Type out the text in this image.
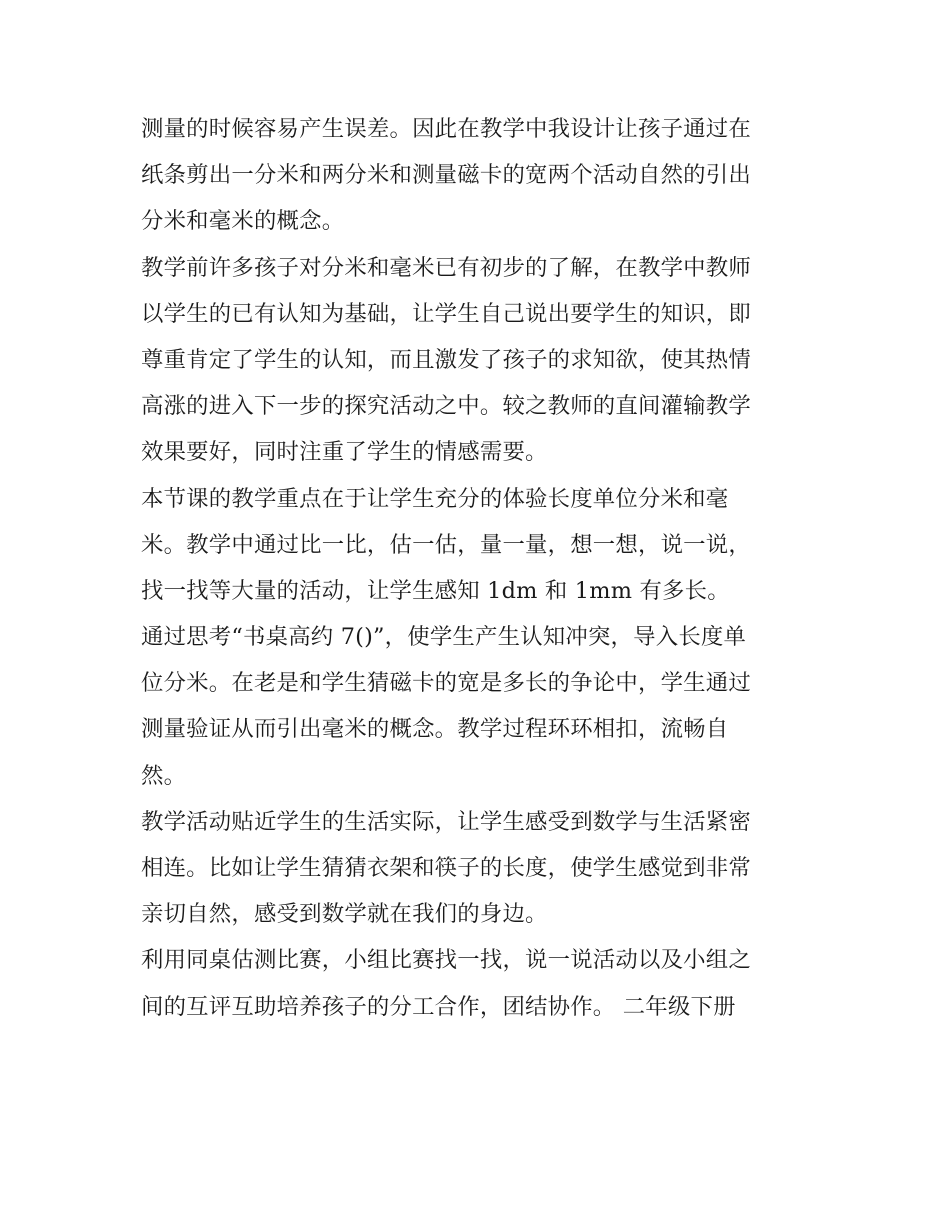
测量的时候容易产生误差。因此在教学中我设计让孩子通过在
纸条剪出一分米和两分米和测量磁卡的宽两个活动自然的引出
分米和毫米的概念。

教学前许多孩子对分米和毫米已有初步的了解，在教学中教师
以学生的已有认知为基础，让学生自己说出要学生的知识，即
尊重肯定了学生的认知，而且激发了孩子的求知欲，使其热情
高涨的进入下一步的探究活动之中。较之教师的直间灌输教学
效果要好，同时注重了学生的情感需要。

本节课的教学重点在于让学生充分的体验长度单位分米和毫
米。教学中通过比一比，估一估，量一量，想一想，说一说，
找一找等大量的活动，让学生感知 1dm 和 1mm 有多长。

通过思考“书桌高约 7()”，使学生产生认知冲突，导入长度单
位分米。在老是和学生猜磁卡的宽是多长的争论中，学生通过
测量验证从而引出毫米的概念。教学过程环环相扣，流畅自
然。

教学活动贴近学生的生活实际，让学生感受到数学与生活紧密
相连。比如让学生猜猜衣架和筷子的长度，使学生感觉到非常
亲切自然，感受到数学就在我们的身边。

利用同桌估测比赛，小组比赛找一找，说一说活动以及小组之
间的互评互助培养孩子的分工合作，团结协作。 二年级下册
